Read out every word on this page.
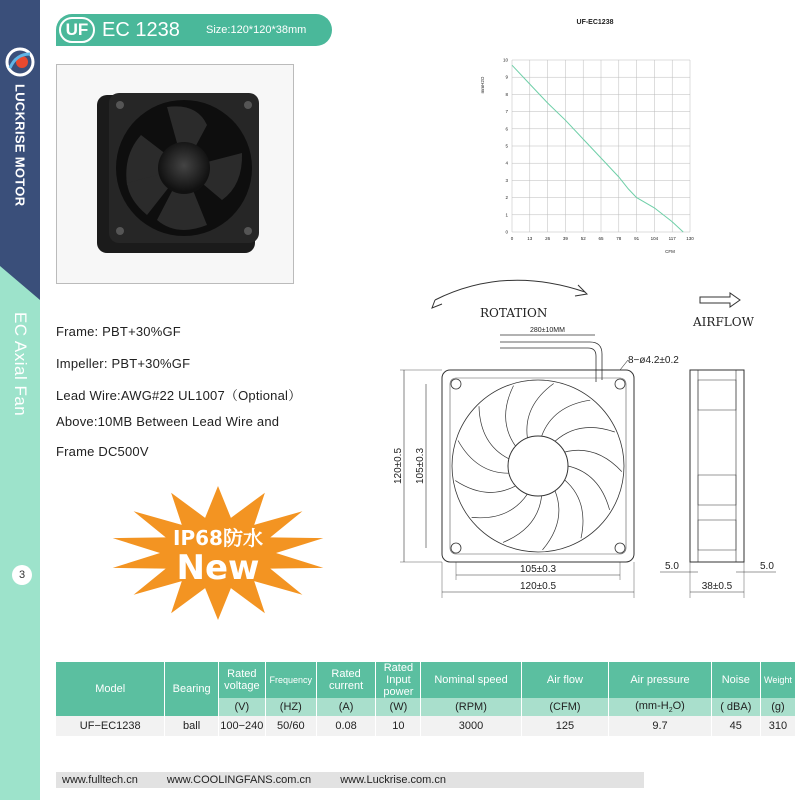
LUCKRISE MOTOR
EC Axial Fan
3
UF EC 1238 Size:120*120*38mm
Frame: PBT+30%GF
Impeller: PBT+30%GF
Lead Wire:AWG#22 UL1007（Optional）
Above:10MB Between Lead Wire and
Frame DC500V
IP68防水
New
UF-EC1238
0
1
2
3
4
5
6
7
8
9
10
0	13	26	39	52	65	78	91	104 117 130
mmH2O
CFM
ROTATION
AIRFLOW
280±10MM
8−ø4.2±0.2
120±0.5 105±0.3
105±0.3
120±0.5
5.0	5.0
38±0.5
Model	Bearing	Rated voltage	Frequency	Rated current	Rated Input power	Nominal speed	Air flow	Air pressure	Noise	Weight
		(V)	(HZ)	(A)	(W)	(RPM)	(CFM)	$(mm-H_2O)$	( dBA)	(g)
UF−EC1238	ball	100−240	50/60	0.08	10	3000	125	9.7	45	310
www.fulltech.cn	www.COOLINGFANS.com.cn	www.Luckrise.com.cn
